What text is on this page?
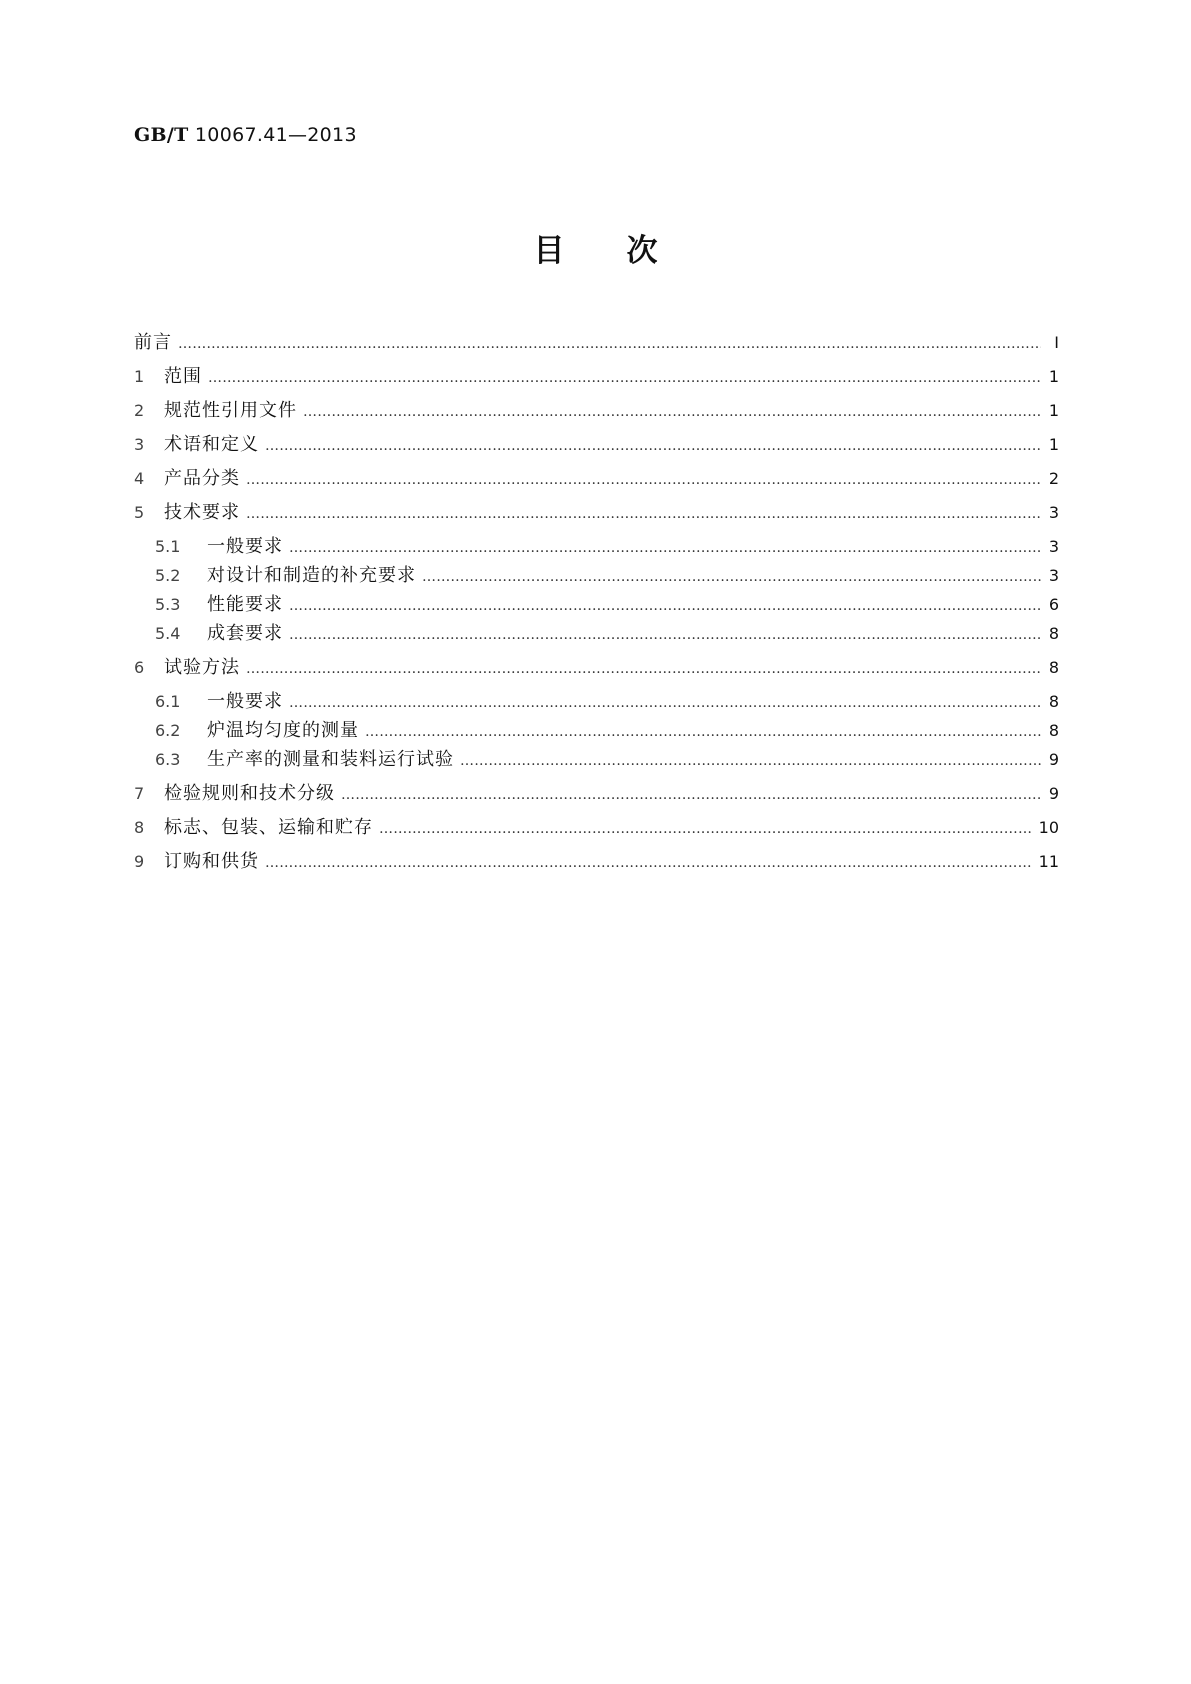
GB/T 10067.41—2013
目　　次
前言 …………………………………………………………………………………………………………………………………………………………………………………………………………………………………………………………………………………………	Ⅰ
1	范围 …………………………………………………………………………………………………………………………………………………………………………………………………………………………………………………………………………………………	1
2	规范性引用文件 …………………………………………………………………………………………………………………………………………………………………………………………………………………………………………………………………………………………	1
3	术语和定义 …………………………………………………………………………………………………………………………………………………………………………………………………………………………………………………………………………………………	1
4	产品分类 …………………………………………………………………………………………………………………………………………………………………………………………………………………………………………………………………………………………	2
5	技术要求 …………………………………………………………………………………………………………………………………………………………………………………………………………………………………………………………………………………………	3
5.1	一般要求 …………………………………………………………………………………………………………………………………………………………………………………………………………………………………………………………………………………………	3
5.2	对设计和制造的补充要求 …………………………………………………………………………………………………………………………………………………………………………………………………………………………………………………………………………………………	3
5.3	性能要求 …………………………………………………………………………………………………………………………………………………………………………………………………………………………………………………………………………………………	6
5.4	成套要求 …………………………………………………………………………………………………………………………………………………………………………………………………………………………………………………………………………………………	8
6	试验方法 …………………………………………………………………………………………………………………………………………………………………………………………………………………………………………………………………………………………	8
6.1	一般要求 …………………………………………………………………………………………………………………………………………………………………………………………………………………………………………………………………………………………	8
6.2	炉温均匀度的测量 …………………………………………………………………………………………………………………………………………………………………………………………………………………………………………………………………………………………	8
6.3	生产率的测量和装料运行试验 …………………………………………………………………………………………………………………………………………………………………………………………………………………………………………………………………………………………	9
7	检验规则和技术分级 …………………………………………………………………………………………………………………………………………………………………………………………………………………………………………………………………………………………	9
8	标志、包装、运输和贮存 …………………………………………………………………………………………………………………………………………………………………………………………………………………………………………………………………………………………	10
9	订购和供货 …………………………………………………………………………………………………………………………………………………………………………………………………………………………………………………………………………………………	11
